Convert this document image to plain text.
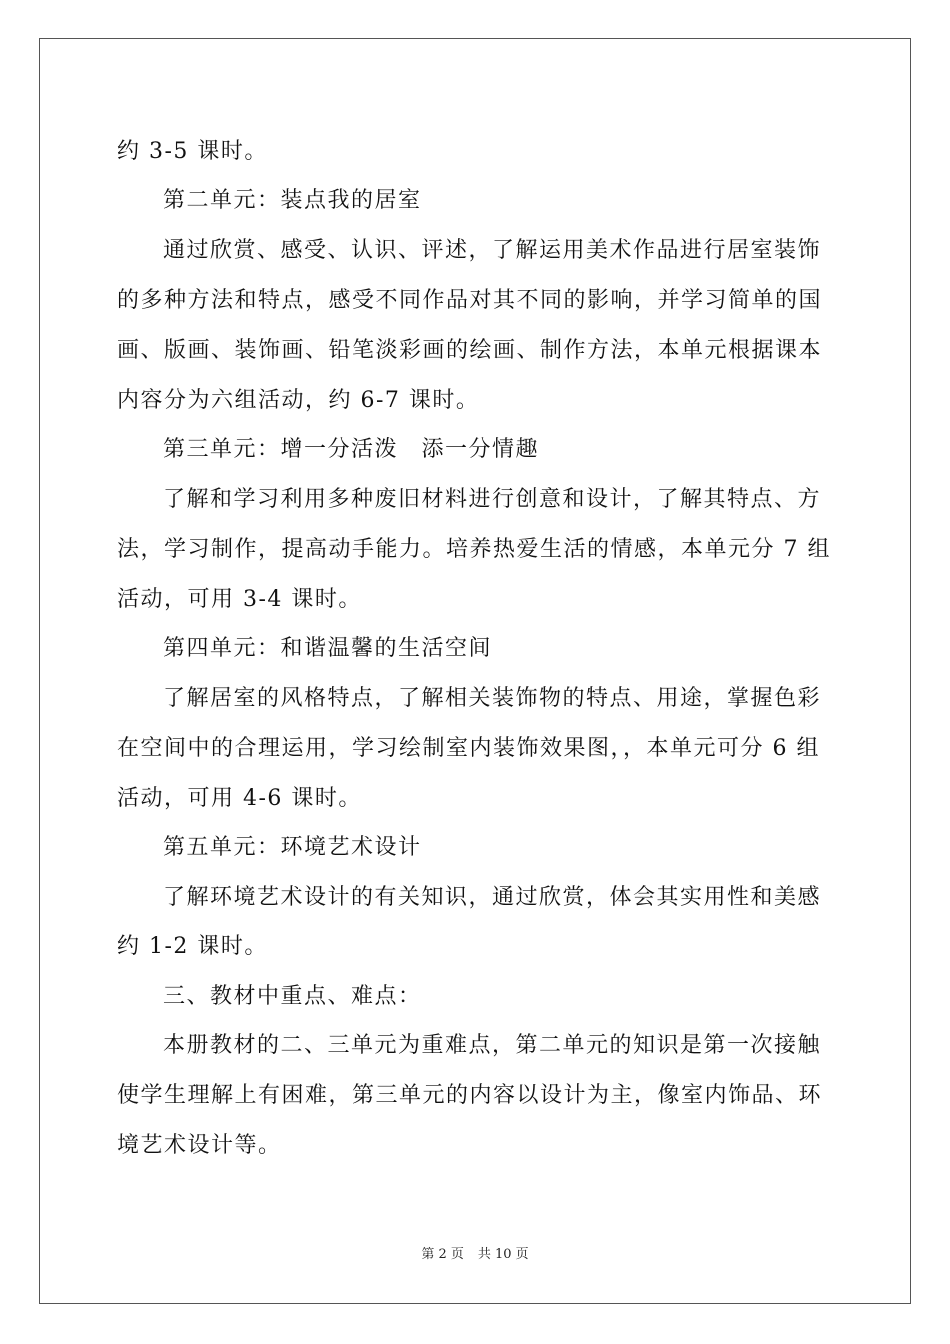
约 3-5 课时。
第二单元：装点我的居室
通过欣赏、感受、认识、评述，了解运用美术作品进行居室装饰
的多种方法和特点，感受不同作品对其不同的影响，并学习简单的国
画、版画、装饰画、铅笔淡彩画的绘画、制作方法，本单元根据课本
内容分为六组活动，约 6-7 课时。
第三单元：增一分活泼　添一分情趣
了解和学习利用多种废旧材料进行创意和设计，了解其特点、方
法，学习制作，提高动手能力。培养热爱生活的情感，本单元分 7 组
活动，可用 3-4 课时。
第四单元：和谐温馨的生活空间
了解居室的风格特点，了解相关装饰物的特点、用途，掌握色彩
在空间中的合理运用，学习绘制室内装饰效果图，，本单元可分 6 组
活动，可用 4-6 课时。
第五单元：环境艺术设计
了解环境艺术设计的有关知识，通过欣赏，体会其实用性和美感
约 1-2 课时。
三、教材中重点、难点：
本册教材的二、三单元为重难点，第二单元的知识是第一次接触
使学生理解上有困难，第三单元的内容以设计为主，像室内饰品、环
境艺术设计等。
第 2 页 共 10 页
